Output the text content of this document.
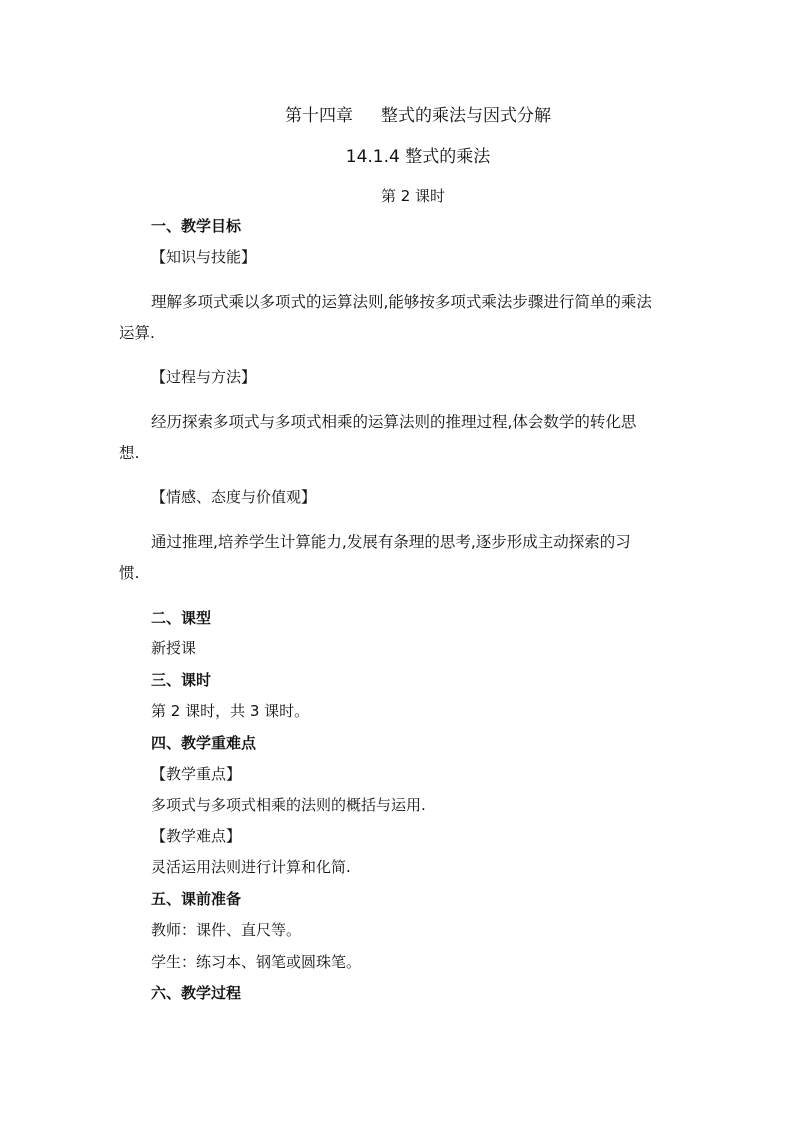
第十四章 整式的乘法与因式分解
14.1.4 整式的乘法
第 2 课时
一、教学目标
【知识与技能】
理解多项式乘以多项式的运算法则,能够按多项式乘法步骤进行简单的乘法
运算.
【过程与方法】
经历探索多项式与多项式相乘的运算法则的推理过程,体会数学的转化思
想.
【情感、态度与价值观】
通过推理,培养学生计算能力,发展有条理的思考,逐步形成主动探索的习
惯.
二、课型
新授课
三、课时
第 2 课时，共 3 课时。
四、教学重难点
【教学重点】
多项式与多项式相乘的法则的概括与运用.
【教学难点】
灵活运用法则进行计算和化简.
五、课前准备
教师：课件、直尺等。
学生：练习本、钢笔或圆珠笔。
六、教学过程
